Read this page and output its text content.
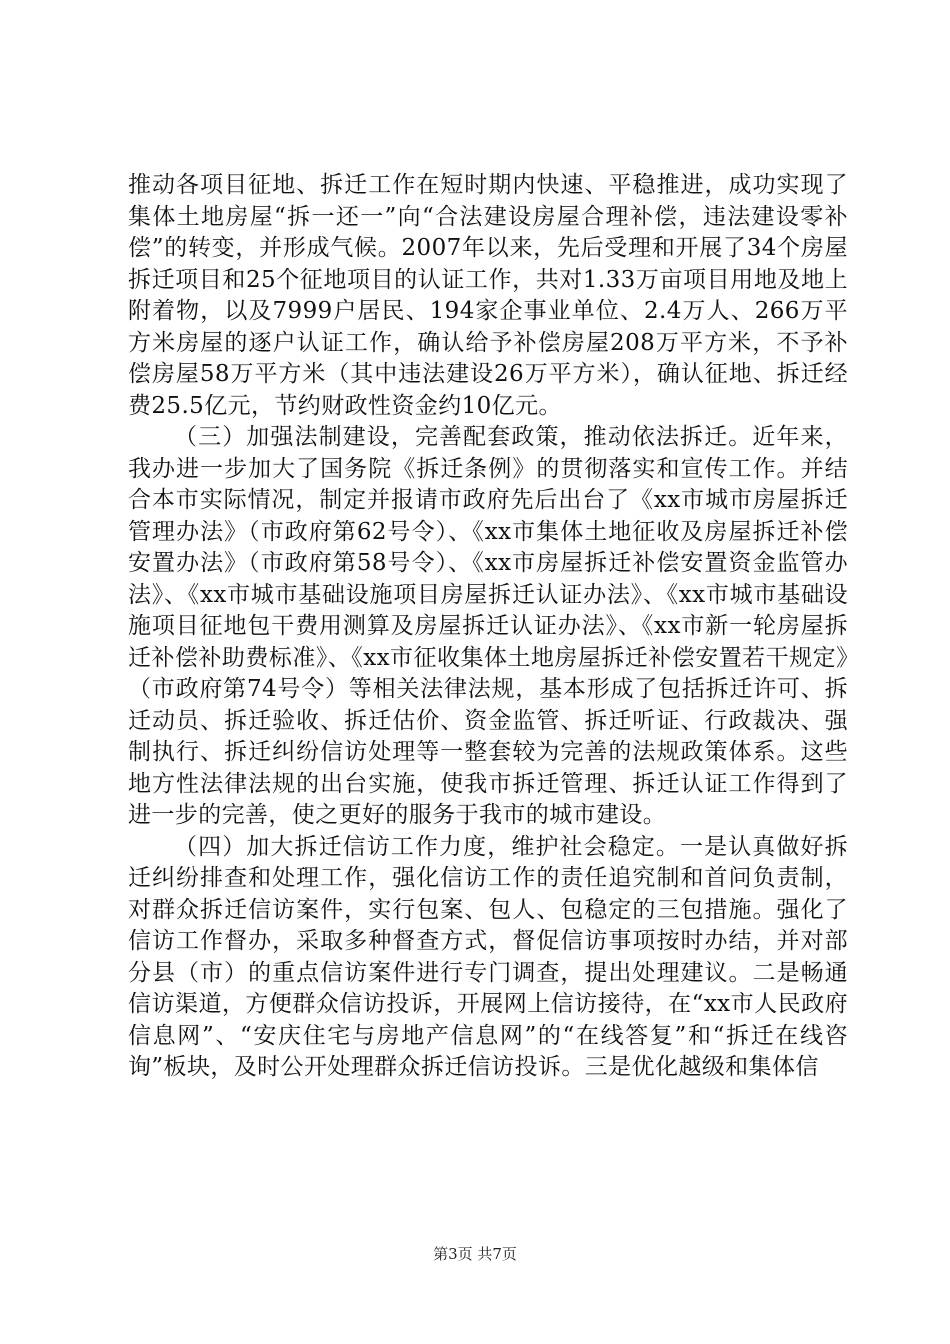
推动各项目征地、拆迁工作在短时期内快速、平稳推进，成功实现了集体土地房屋“拆一还一”向“合法建设房屋合理补偿，违法建设零补偿”的转变，并形成气候。2007年以来，先后受理和开展了34个房屋拆迁项目和25个征地项目的认证工作，共对1.33万亩项目用地及地上附着物，以及7999户居民、194家企事业单位、2.4万人、266万平方米房屋的逐户认证工作，确认给予补偿房屋208万平方米，不予补偿房屋58万平方米（其中违法建设26万平方米），确认征地、拆迁经费25.5亿元，节约财政性资金约10亿元。

（三）加强法制建设，完善配套政策，推动依法拆迁。近年来，我办进一步加大了国务院《拆迁条例》的贯彻落实和宣传工作。并结合本市实际情况，制定并报请市政府先后出台了《xx市城市房屋拆迁管理办法》（市政府第62号令）、《xx市集体土地征收及房屋拆迁补偿安置办法》（市政府第58号令）、《xx市房屋拆迁补偿安置资金监管办法》、《xx市城市基础设施项目房屋拆迁认证办法》、《xx市城市基础设施项目征地包干费用测算及房屋拆迁认证办法》、《xx市新一轮房屋拆迁补偿补助费标准》、《xx市征收集体土地房屋拆迁补偿安置若干规定》（市政府第74号令）等相关法律法规，基本形成了包括拆迁许可、拆迁动员、拆迁验收、拆迁估价、资金监管、拆迁听证、行政裁决、强制执行、拆迁纠纷信访处理等一整套较为完善的法规政策体系。这些地方性法律法规的出台实施，使我市拆迁管理、拆迁认证工作得到了进一步的完善，使之更好的服务于我市的城市建设。

（四）加大拆迁信访工作力度，维护社会稳定。一是认真做好拆迁纠纷排查和处理工作，强化信访工作的责任追究制和首问负责制，对群众拆迁信访案件，实行包案、包人、包稳定的三包措施。强化了信访工作督办，采取多种督查方式，督促信访事项按时办结，并对部分县（市）的重点信访案件进行专门调查，提出处理建议。二是畅通信访渠道，方便群众信访投诉，开展网上信访接待，在“xx市人民政府信息网”、“安庆住宅与房地产信息网”的“在线答复”和“拆迁在线咨询”板块，及时公开处理群众拆迁信访投诉。三是优化越级和集体信

第3页 共7页
